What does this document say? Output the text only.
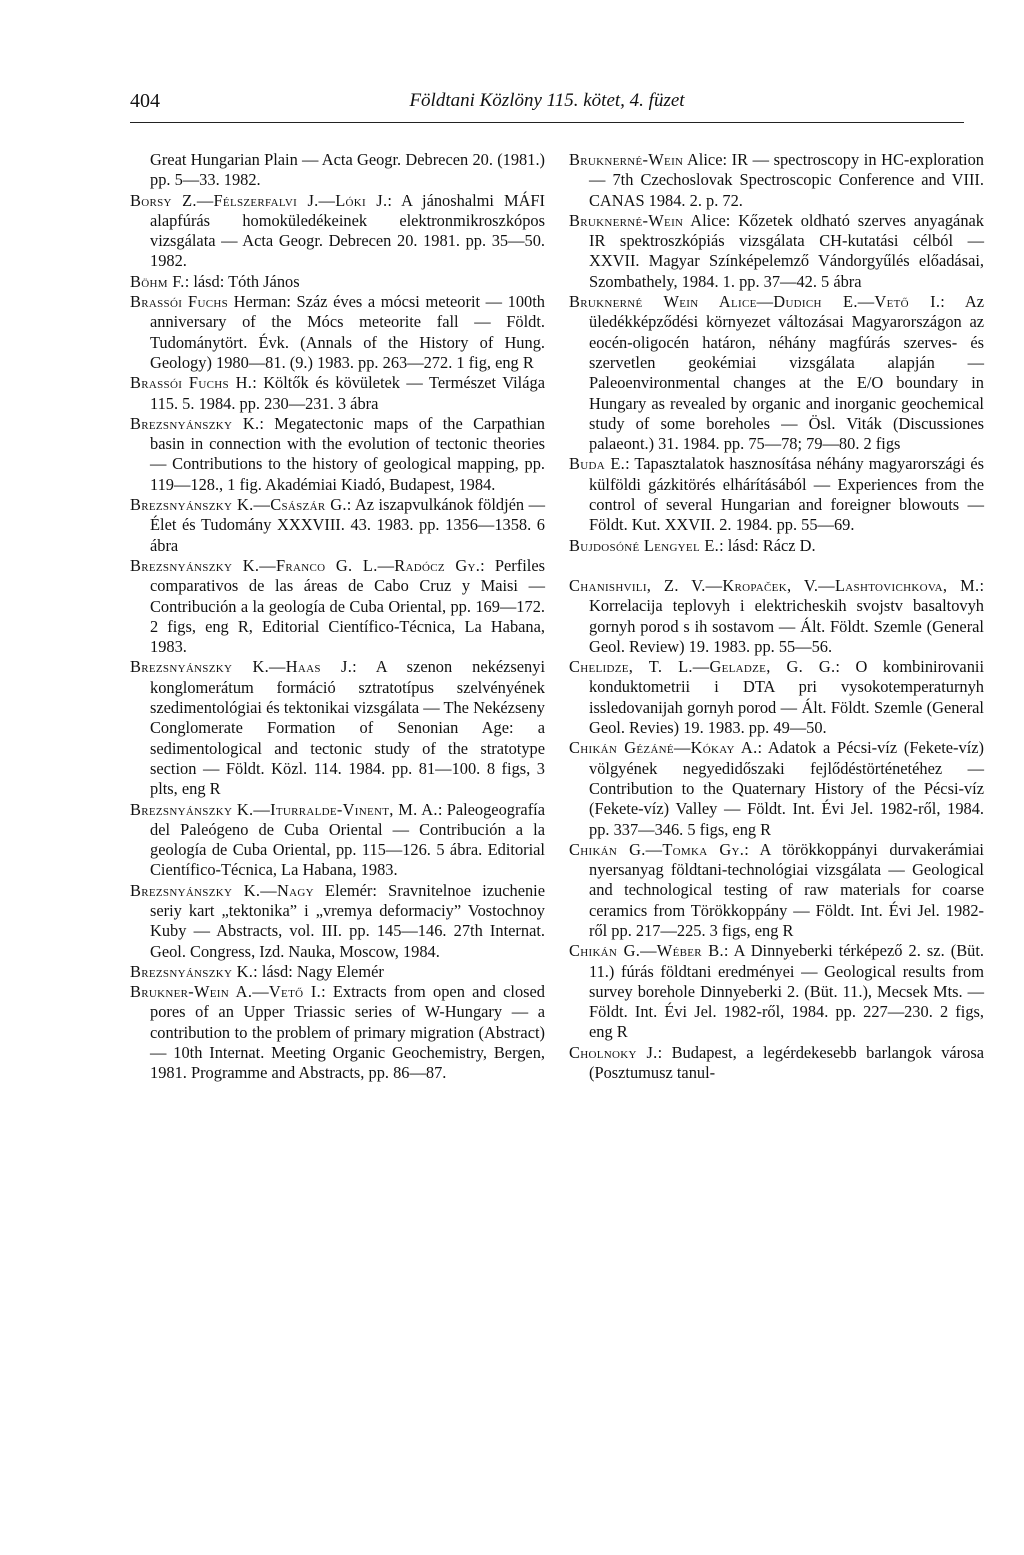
404	Földtani Közlöny 115. kötet, 4. füzet

Great Hungarian Plain — Acta Geogr. Debrecen 20. (1981.) pp. 5—33. 1982.

Borsy Z.—Félszerfalvi J.—Lóki J.: A jánoshalmi MÁFI alapfúrás homoküledékeinek elektronmikroszkópos vizsgálata — Acta Geogr. Debrecen 20. 1981. pp. 35—50. 1982.

Böhm F.: lásd: Tóth János

Brassói Fuchs Herman: Száz éves a mócsi meteorit — 100th anniversary of the Mócs meteorite fall — Földt. Tudománytört. Évk. (Annals of the History of Hung. Geology) 1980—81. (9.) 1983. pp. 263—272. 1 fig, eng R

Brassói Fuchs H.: Költők és kövületek — Természet Világa 115. 5. 1984. pp. 230—231. 3 ábra

Brezsnyánszky K.: Megatectonic maps of the Carpathian basin in connection with the evolution of tectonic theories — Contributions to the history of geological mapping, pp. 119—128., 1 fig. Akadémiai Kiadó, Budapest, 1984.

Brezsnyánszky K.—Császár G.: Az iszapvulkánok földjén — Élet és Tudomány XXXVIII. 43. 1983. pp. 1356—1358. 6 ábra

Brezsnyánszky K.—Franco G. L.—Radócz Gy.: Perfiles comparativos de las áreas de Cabo Cruz y Maisi — Contribución a la geología de Cuba Oriental, pp. 169—172. 2 figs, eng R, Editorial Científico-Técnica, La Habana, 1983.

Brezsnyánszky K.—Haas J.: A szenon nekézsenyi konglomerátum formáció sztratotípus szelvényének szedimentológiai és tektonikai vizsgálata — The Nekézseny Conglomerate Formation of Senonian Age: a sedimentological and tectonic study of the stratotype section — Földt. Közl. 114. 1984. pp. 81—100. 8 figs, 3 plts, eng R

Brezsnyánszky K.—Iturralde-Vinent, M. A.: Paleogeografía del Paleógeno de Cuba Oriental — Contribución a la geología de Cuba Oriental, pp. 115—126. 5 ábra. Editorial Científico-Técnica, La Habana, 1983.

Brezsnyánszky K.—Nagy Elemér: Sravnitelnoe izuchenie seriy kart „tektonika” i „vremya deformaciy” Vostochnoy Kuby — Abstracts, vol. III. pp. 145—146. 27th Internat. Geol. Congress, Izd. Nauka, Moscow, 1984.

Brezsnyánszky K.: lásd: Nagy Elemér

Brukner-Wein A.—Vető I.: Extracts from open and closed pores of an Upper Triassic series of W-Hungary — a contribution to the problem of primary migration (Abstract) — 10th Internat. Meeting Organic Geochemistry, Bergen, 1981. Programme and Abstracts, pp. 86—87.

Bruknerné-Wein Alice: IR — spectroscopy in HC-exploration — 7th Czechoslovak Spectroscopic Conference and VIII. CANAS 1984. 2. p. 72.

Bruknerné-Wein Alice: Kőzetek oldható szerves anyagának IR spektroszkópiás vizsgálata CH-kutatási célból — XXVII. Magyar Színképelemző Vándorgyűlés előadásai, Szombathely, 1984. 1. pp. 37—42. 5 ábra

Bruknerné Wein Alice—Dudich E.—Vető I.: Az üledékképződési környezet változásai Magyarországon az eocén-oligocén határon, néhány magfúrás szerves- és szervetlen geokémiai vizsgálata alapján — Paleoenvironmental changes at the E/O boundary in Hungary as revealed by organic and inorganic geochemical study of some boreholes — Ösl. Viták (Discussiones palaeont.) 31. 1984. pp. 75—78; 79—80. 2 figs

Buda E.: Tapasztalatok hasznosítása néhány magyarországi és külföldi gázkitörés elhárításából — Experiences from the control of several Hungarian and foreigner blowouts — Földt. Kut. XXVII. 2. 1984. pp. 55—69.

Bujdosóné Lengyel E.: lásd: Rácz D.

Chanishvili, Z. V.—Kropaček, V.—Lashtovichkova, M.: Korrelacija teplovyh i elektricheskih svojstv basaltovyh gornyh porod s ih sostavom — Ált. Földt. Szemle (General Geol. Review) 19. 1983. pp. 55—56.

Chelidze, T. L.—Geladze, G. G.: O kombinirovanii konduktometrii i DTA pri vysokotemperaturnyh issledovanijah gornyh porod — Ált. Földt. Szemle (General Geol. Revies) 19. 1983. pp. 49—50.

Chikán Gézáné—Kókay A.: Adatok a Pécsi-víz (Fekete-víz) völgyének negyedidőszaki fejlődéstörténetéhez — Contribution to the Quaternary History of the Pécsi-víz (Fekete-víz) Valley — Földt. Int. Évi Jel. 1982-ről, 1984. pp. 337—346. 5 figs, eng R

Chikán G.—Tomka Gy.: A törökkoppányi durvakerámiai nyersanyag földtani-technológiai vizsgálata — Geological and technological testing of raw materials for coarse ceramics from Törökkoppány — Földt. Int. Évi Jel. 1982-ről pp. 217—225. 3 figs, eng R

Chikán G.—Wéber B.: A Dinnyeberki térképező 2. sz. (Büt. 11.) fúrás földtani eredményei — Geological results from survey borehole Dinnyeberki 2. (Büt. 11.), Mecsek Mts. — Földt. Int. Évi Jel. 1982-ről, 1984. pp. 227—230. 2 figs, eng R

Cholnoky J.: Budapest, a legérdekesebb barlangok városa (Posztumusz tanul-
